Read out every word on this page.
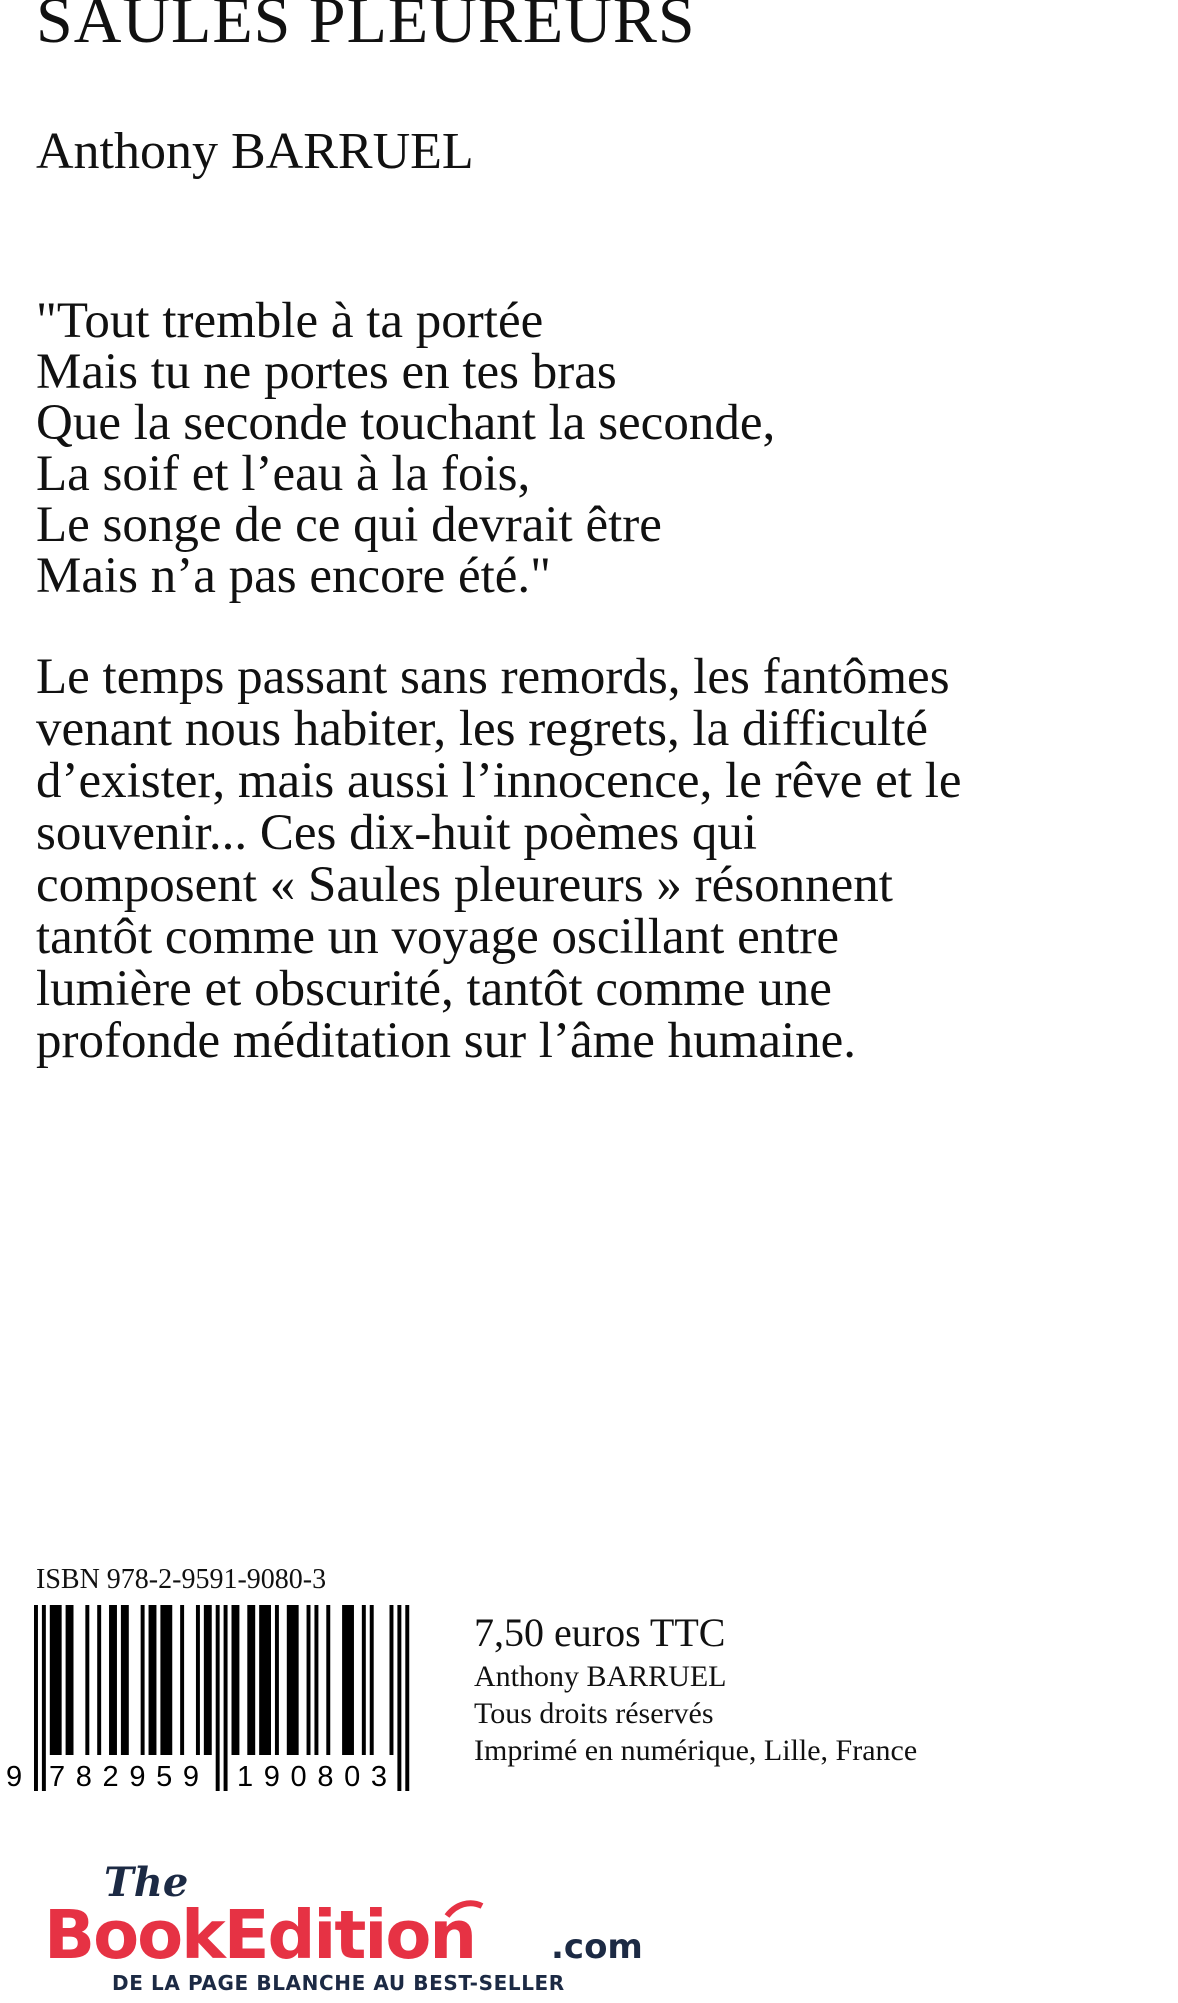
SAULES PLEUREURS
Anthony BARRUEL
"Tout tremble à ta portée
Mais tu ne portes en tes bras
Que la seconde touchant la seconde,
La soif et l’eau à la fois,
Le songe de ce qui devrait être
Mais n’a pas encore été."
Le temps passant sans remords, les fantômes
venant nous habiter, les regrets, la difficulté
d’exister, mais aussi l’innocence, le rêve et le
souvenir... Ces dix-huit poèmes qui
composent « Saules pleureurs » résonnent
tantôt comme un voyage oscillant entre
lumière et obscurité, tantôt comme une
profonde méditation sur l’âme humaine.
ISBN 978-2-9591-9080-3
9 782959 190803
7,50 euros TTC
Anthony BARRUEL
Tous droits réservés
Imprimé en numérique, Lille, France
The
BookEdition .com
DE LA PAGE BLANCHE AU BEST-SELLER
